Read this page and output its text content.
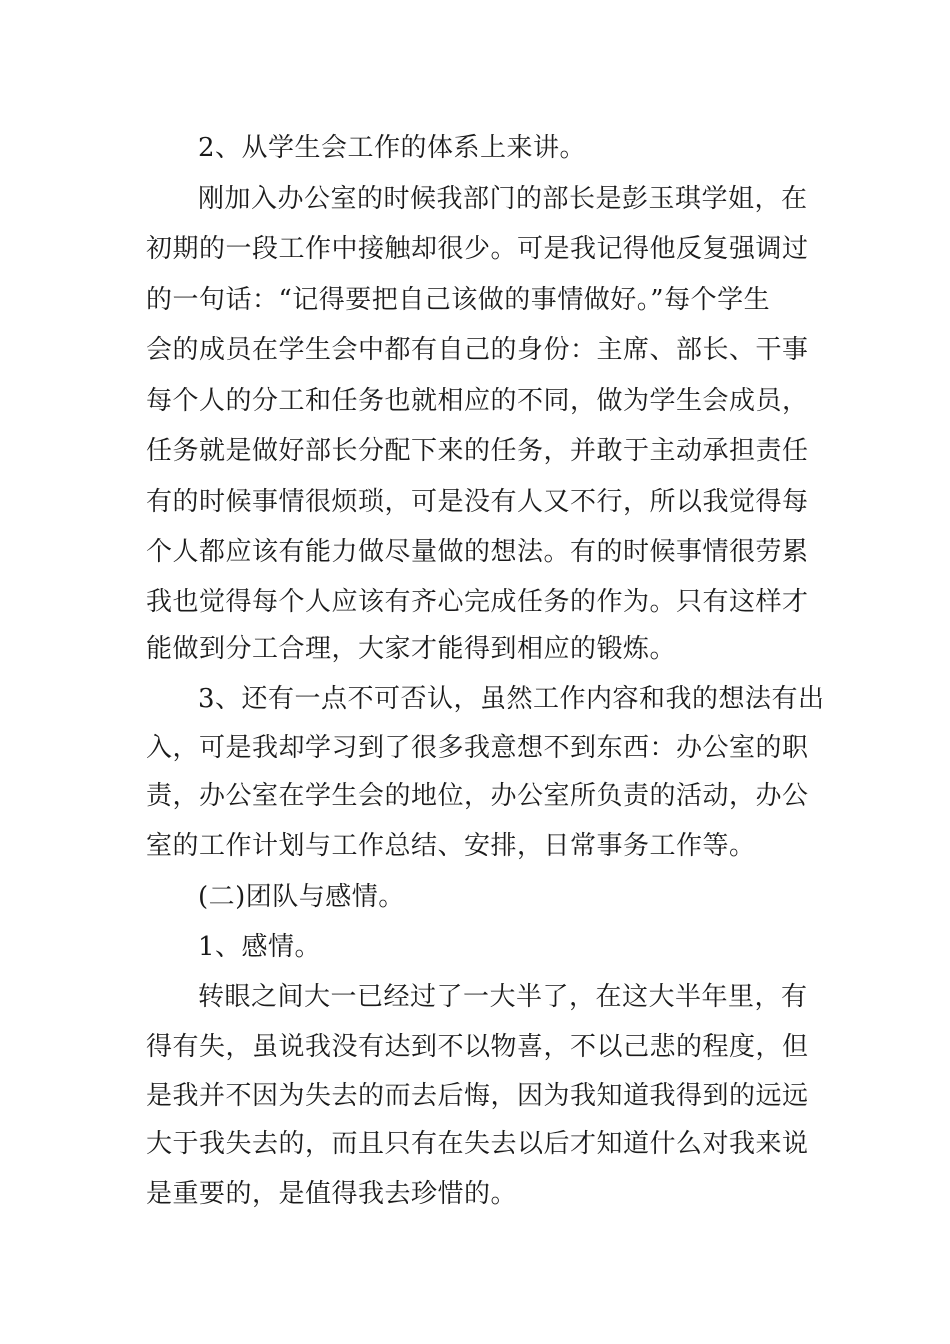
2、从学生会工作的体系上来讲。
刚加入办公室的时候我部门的部长是彭玉琪学姐，在
初期的一段工作中接触却很少。可是我记得他反复强调过
的一句话：“记得要把自己该做的事情做好。”每个学生
会的成员在学生会中都有自己的身份：主席、部长、干事
每个人的分工和任务也就相应的不同，做为学生会成员，
任务就是做好部长分配下来的任务，并敢于主动承担责任
有的时候事情很烦琐，可是没有人又不行，所以我觉得每
个人都应该有能力做尽量做的想法。有的时候事情很劳累
我也觉得每个人应该有齐心完成任务的作为。只有这样才
能做到分工合理，大家才能得到相应的锻炼。
3、还有一点不可否认，虽然工作内容和我的想法有出
入，可是我却学习到了很多我意想不到东西：办公室的职
责，办公室在学生会的地位，办公室所负责的活动，办公
室的工作计划与工作总结、安排，日常事务工作等。
(二)团队与感情。
1、感情。
转眼之间大一已经过了一大半了，在这大半年里，有
得有失，虽说我没有达到不以物喜，不以己悲的程度，但
是我并不因为失去的而去后悔，因为我知道我得到的远远
大于我失去的，而且只有在失去以后才知道什么对我来说
是重要的，是值得我去珍惜的。
